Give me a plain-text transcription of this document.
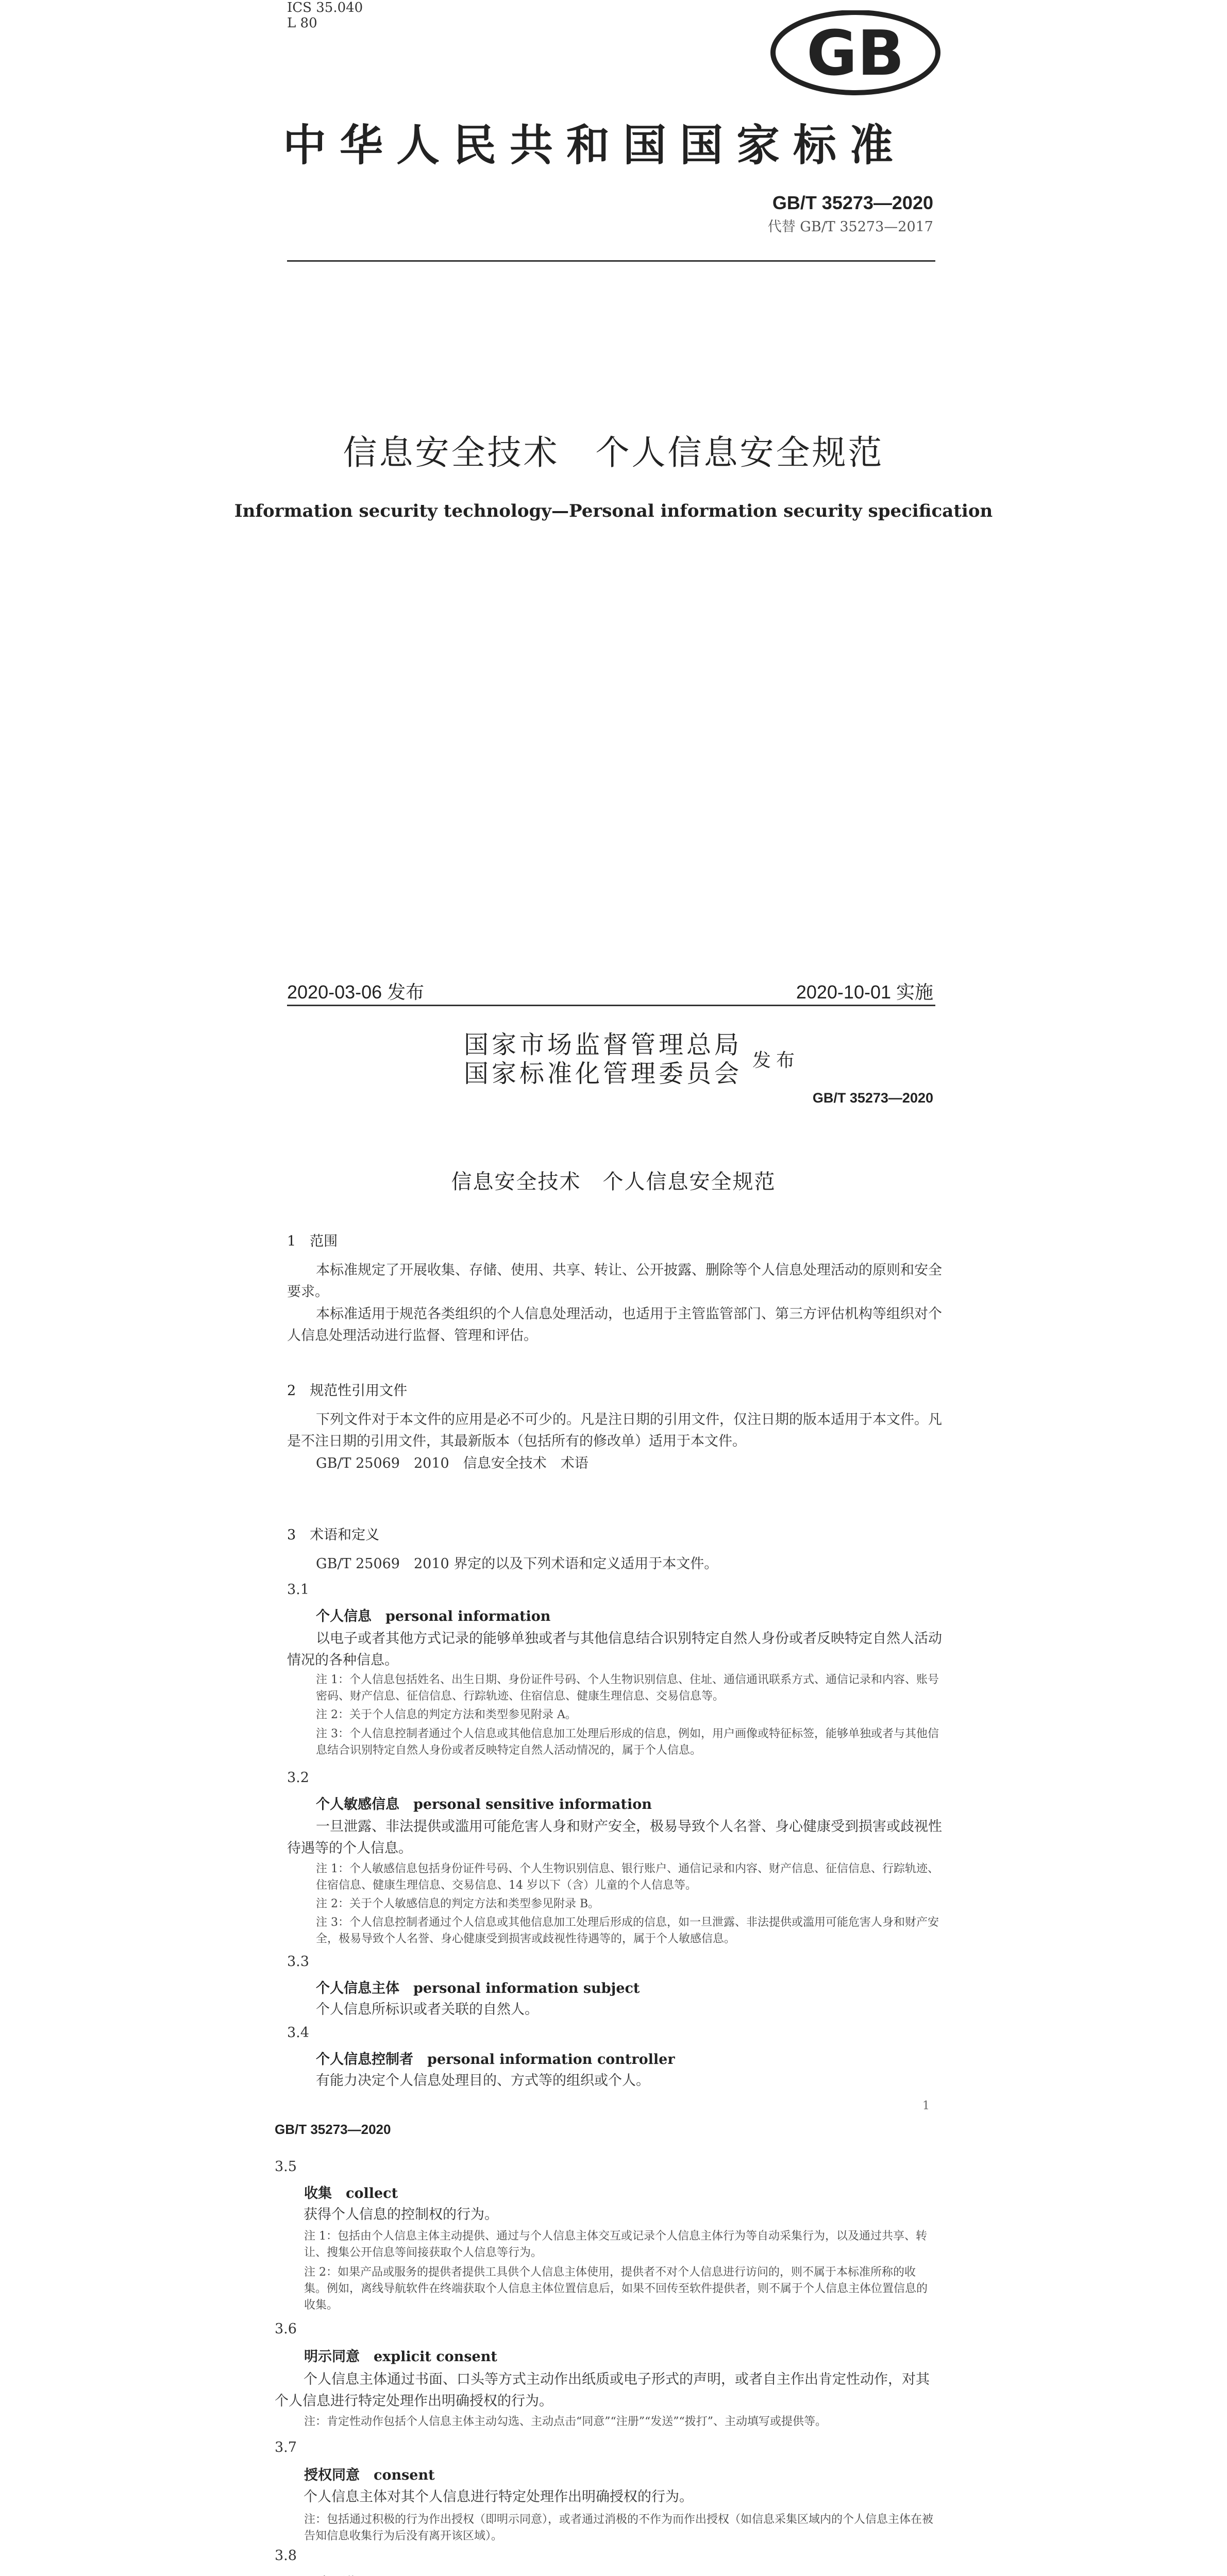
ICS 35.040
L 80	GB
中华人民共和国国家标准
GB/T 35273—2020
代替 GB/T 35273—2017
信息安全技术　个人信息安全规范
Information security technology—Personal information security specification
2020-03-06 发布	2020-10-01 实施
国家市场监督管理总局
国家标准化管理委员会 发布
GB/T 35273—2020
信息安全技术　个人信息安全规范
1　范围
本标准规定了开展收集、存储、使用、共享、转让、公开披露、删除等个人信息处理活动的原则和安全要求。
本标准适用于规范各类组织的个人信息处理活动，也适用于主管监管部门、第三方评估机构等组织对个人信息处理活动进行监督、管理和评估。
2　规范性引用文件
下列文件对于本文件的应用是必不可少的。凡是注日期的引用文件，仅注日期的版本适用于本文件。凡是不注日期的引用文件，其最新版本（包括所有的修改单）适用于本文件。
GB/T 25069　2010　信息安全技术　术语
3　术语和定义
GB/T 25069　2010 界定的以及下列术语和定义适用于本文件。
3.1
个人信息　personal information
以电子或者其他方式记录的能够单独或者与其他信息结合识别特定自然人身份或者反映特定自然人活动情况的各种信息。
注 1：个人信息包括姓名、出生日期、身份证件号码、个人生物识别信息、住址、通信通讯联系方式、通信记录和内容、账号密码、财产信息、征信信息、行踪轨迹、住宿信息、健康生理信息、交易信息等。
注 2：关于个人信息的判定方法和类型参见附录 A。
注 3：个人信息控制者通过个人信息或其他信息加工处理后形成的信息，例如，用户画像或特征标签，能够单独或者与其他信息结合识别特定自然人身份或者反映特定自然人活动情况的，属于个人信息。
3.2
个人敏感信息　personal sensitive information
一旦泄露、非法提供或滥用可能危害人身和财产安全，极易导致个人名誉、身心健康受到损害或歧视性待遇等的个人信息。
注 1：个人敏感信息包括身份证件号码、个人生物识别信息、银行账户、通信记录和内容、财产信息、征信信息、行踪轨迹、住宿信息、健康生理信息、交易信息、14 岁以下（含）儿童的个人信息等。
注 2：关于个人敏感信息的判定方法和类型参见附录 B。
注 3：个人信息控制者通过个人信息或其他信息加工处理后形成的信息，如一旦泄露、非法提供或滥用可能危害人身和财产安全，极易导致个人名誉、身心健康受到损害或歧视性待遇等的，属于个人敏感信息。
3.3
个人信息主体　personal information subject
个人信息所标识或者关联的自然人。
3.4
个人信息控制者　personal information controller
有能力决定个人信息处理目的、方式等的组织或个人。
1
GB/T 35273—2020
3.5
收集　collect
获得个人信息的控制权的行为。
注 1：包括由个人信息主体主动提供、通过与个人信息主体交互或记录个人信息主体行为等自动采集行为，以及通过共享、转让、搜集公开信息等间接获取个人信息等行为。
注 2：如果产品或服务的提供者提供工具供个人信息主体使用，提供者不对个人信息进行访问的，则不属于本标准所称的收集。例如，离线导航软件在终端获取个人信息主体位置信息后，如果不回传至软件提供者，则不属于个人信息主体位置信息的收集。
3.6
明示同意　explicit consent
个人信息主体通过书面、口头等方式主动作出纸质或电子形式的声明，或者自主作出肯定性动作，对其个人信息进行特定处理作出明确授权的行为。
注：肯定性动作包括个人信息主体主动勾选、主动点击“同意”“注册”“发送”“拨打”、主动填写或提供等。
3.7
授权同意　consent
个人信息主体对其个人信息进行特定处理作出明确授权的行为。
注：包括通过积极的行为作出授权（即明示同意），或者通过消极的不作为而作出授权（如信息采集区域内的个人信息主体在被告知信息收集行为后没有离开该区域）。
3.8
